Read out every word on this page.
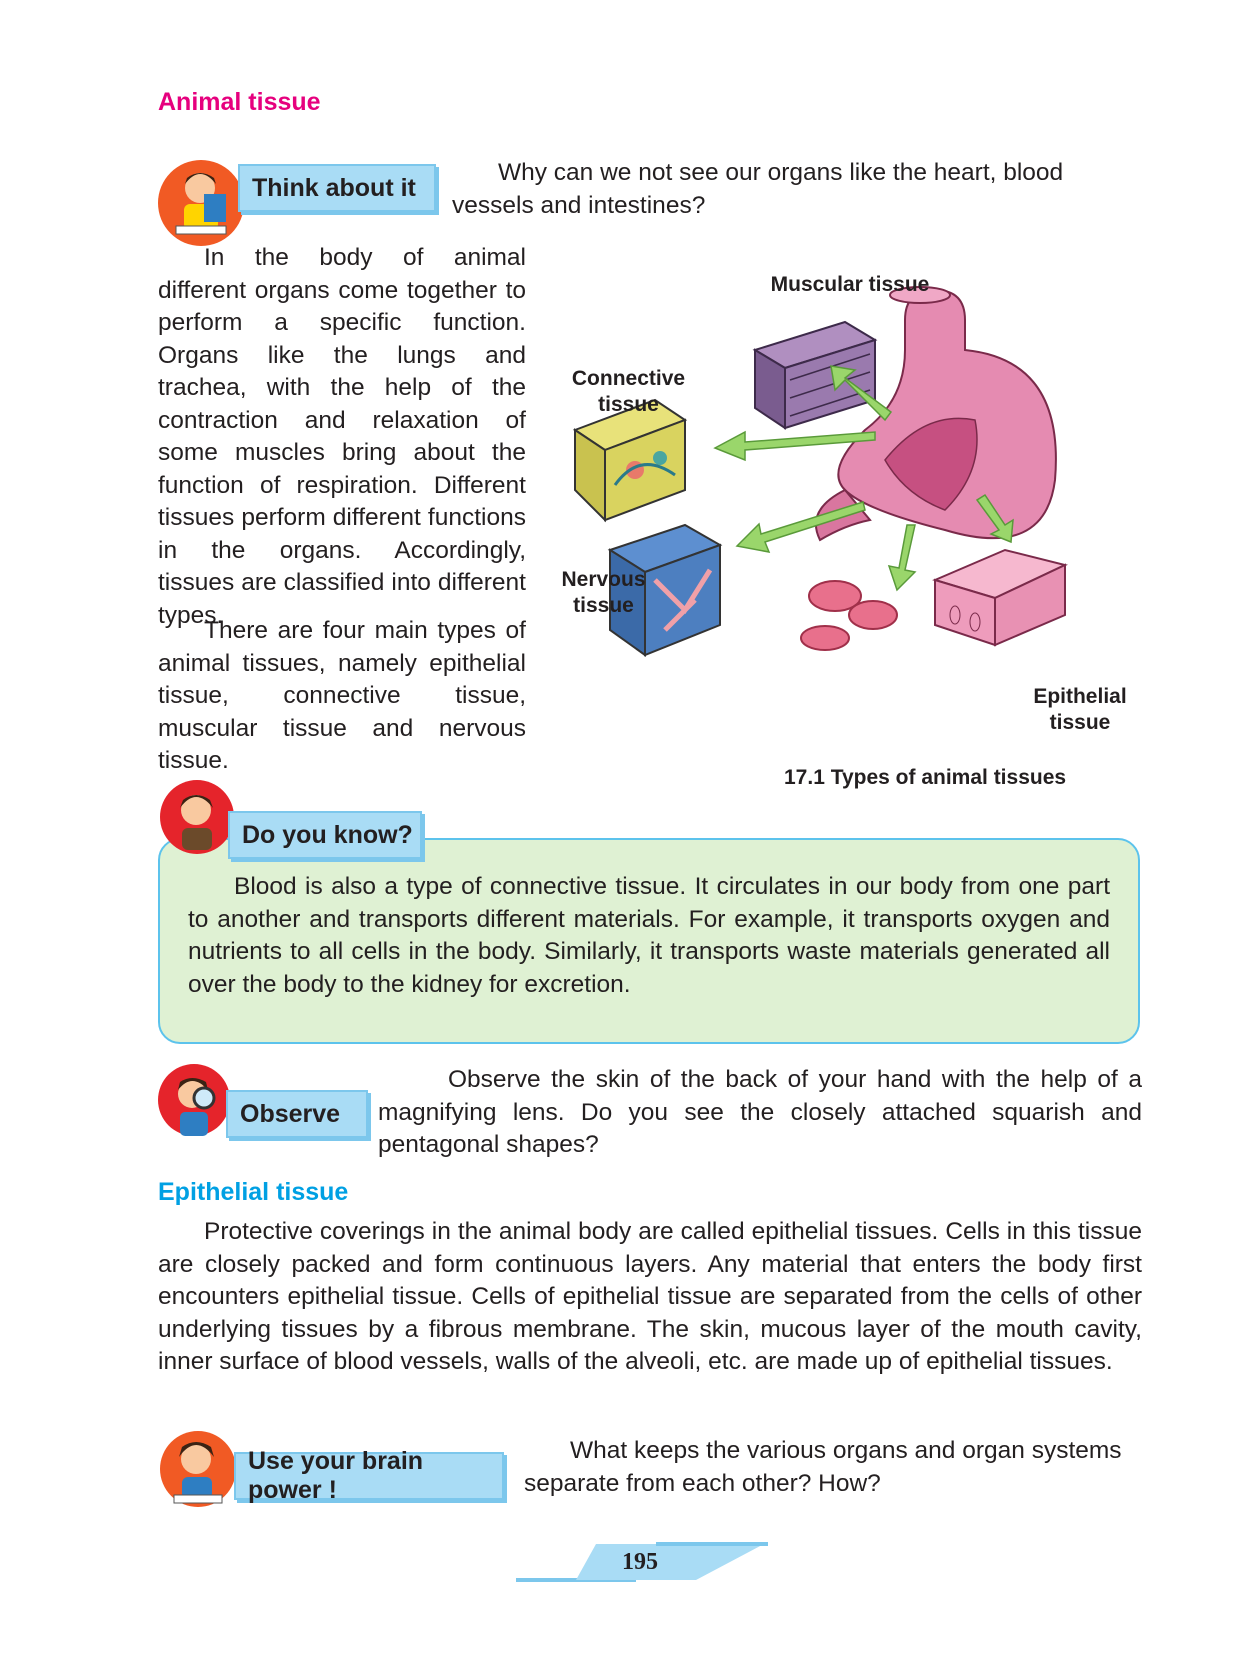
Animal tissue
Think about it
Why can we not see our organs like the heart, blood vessels and intestines?
In the body of animal different organs come together to perform a specific function. Organs like the lungs and trachea, with the help of the contraction and relaxation of some muscles bring about the function of respiration. Different tissues perform different functions in the organs. Accordingly, tissues are classified into different types.
There are four main types of animal tissues, namely epithelial tissue, connective tissue, muscular tissue and nervous tissue.
Muscular tissue
Connective tissue
Nervous tissue
Epithelial tissue
17.1 Types of animal tissues
Do you know?
Blood is also a type of connective tissue. It circulates in our body from one part to another and transports different materials. For example, it transports oxygen and nutrients to all cells in the body. Similarly, it transports waste materials generated all over the body to the kidney for excretion.
Observe
Observe the skin of the back of your hand with the help of a magnifying lens. Do you see the closely attached squarish and pentagonal shapes?
Epithelial tissue
Protective coverings in the animal body are called epithelial tissues. Cells in this tissue are closely packed and form continuous layers. Any material that enters the body first encounters epithelial tissue. Cells of epithelial tissue are separated from the cells of other underlying tissues by a fibrous membrane. The skin, mucous layer of the mouth cavity, inner surface of blood vessels, walls of the alveoli, etc. are made up of epithelial tissues.
Use your brain power !
What keeps the various organs and organ systems separate from each other? How?
195
